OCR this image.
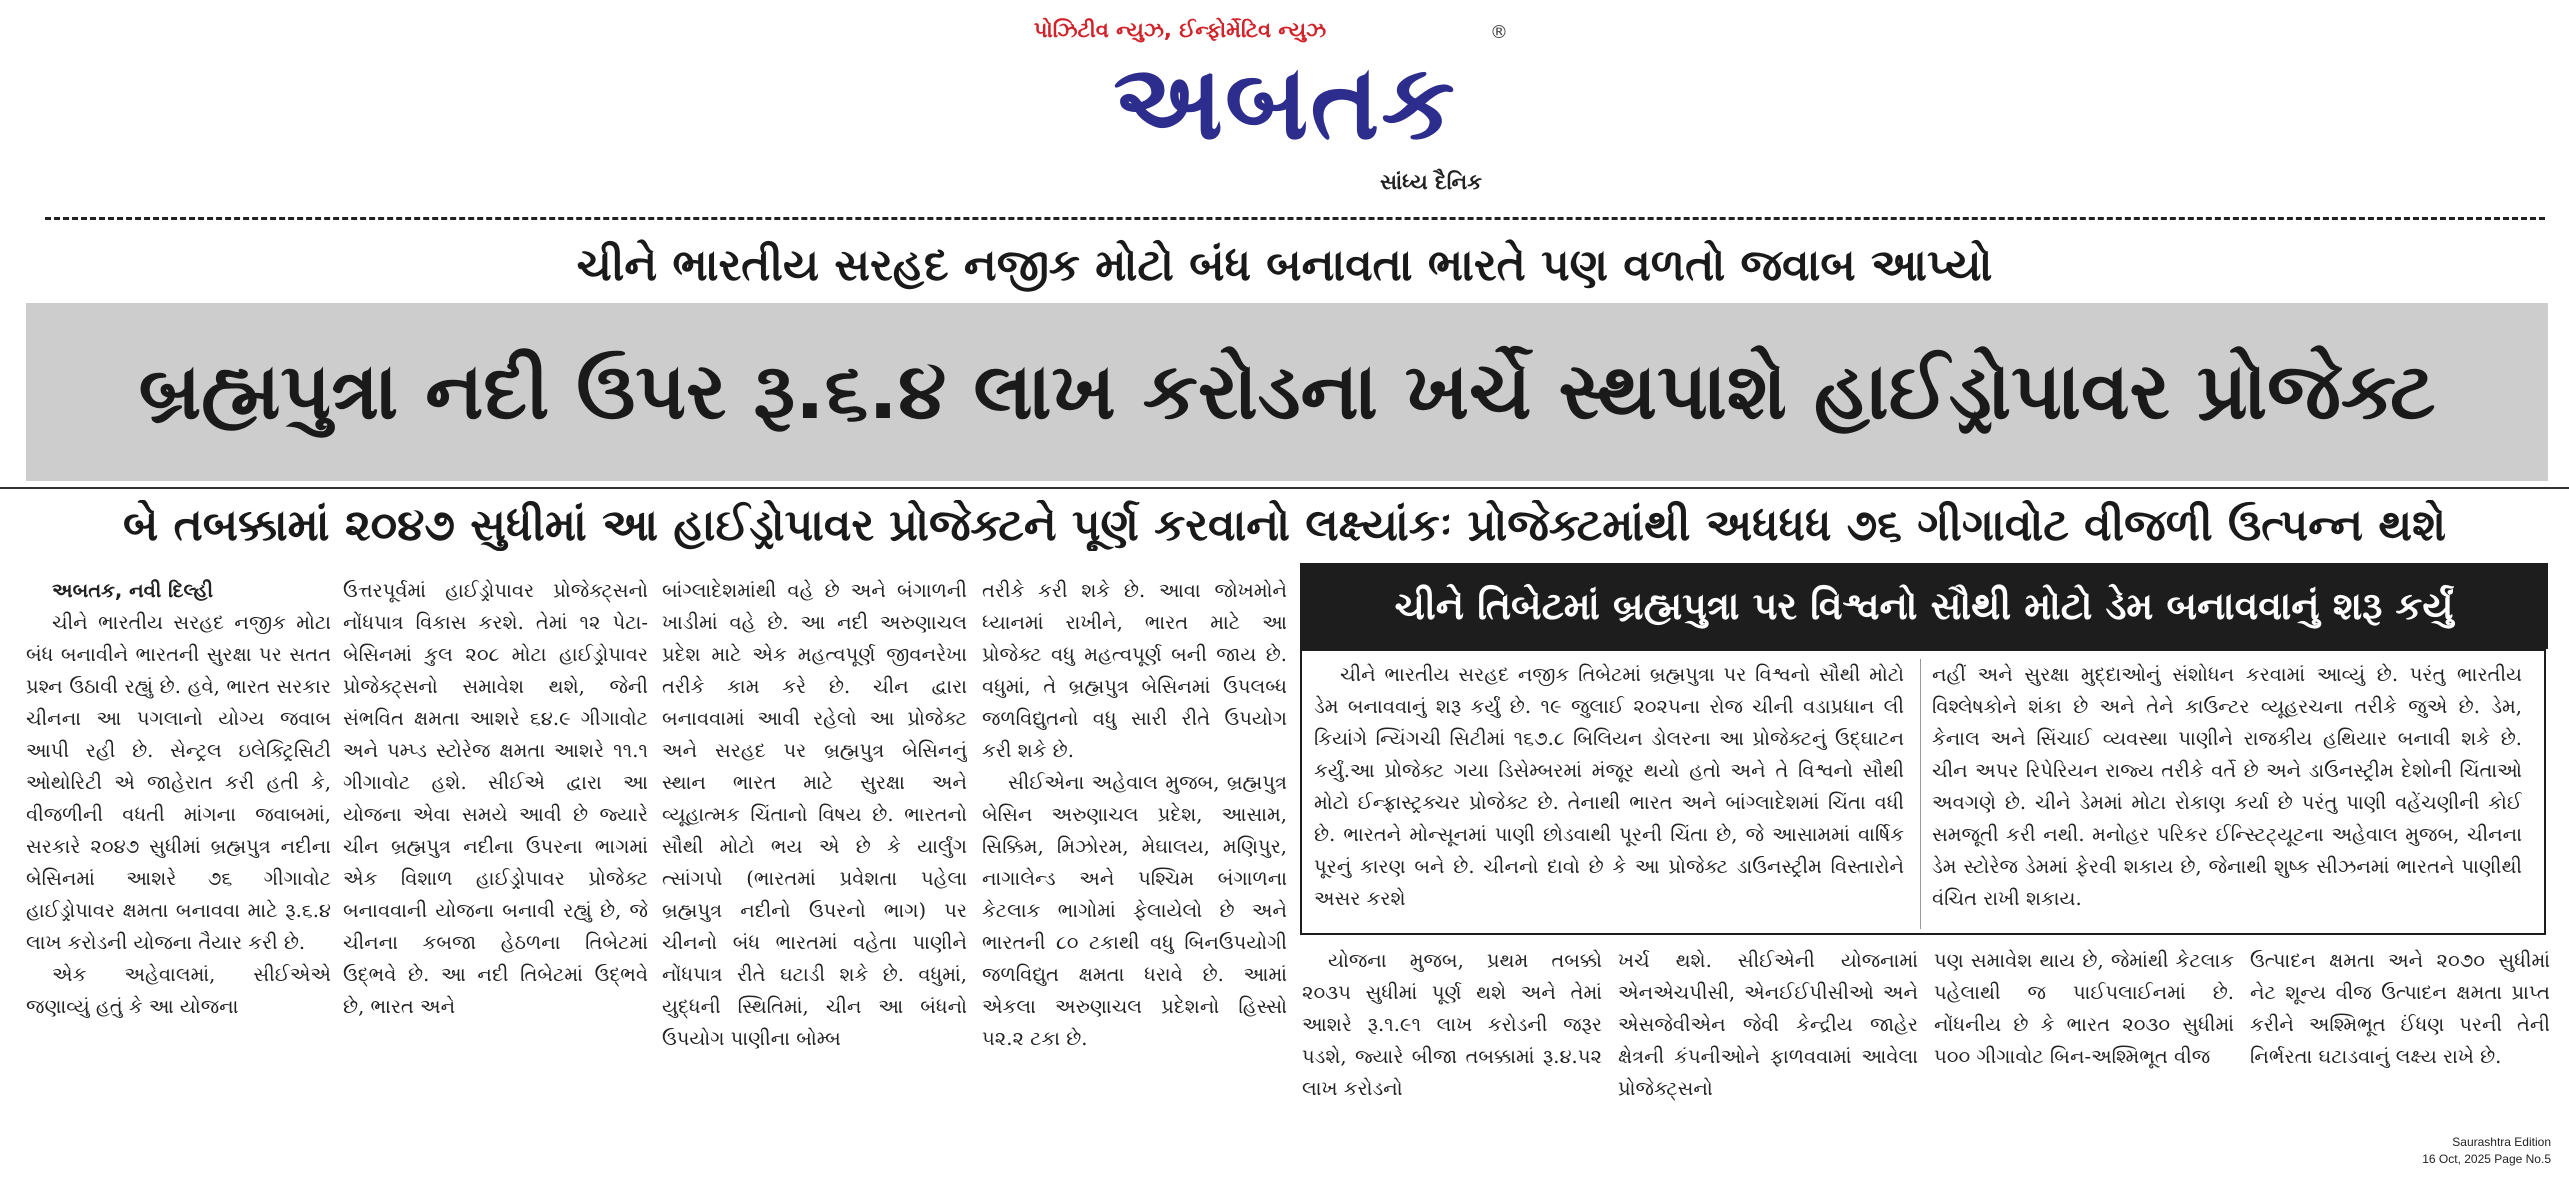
પોઝિટીવ ન્યુઝ, ઈન્ફોર્મેટિવ ન્યુઝ
અબતક
®
સાંધ્ય દૈનિક
ચીને ભારતીય સરહદ નજીક મોટો બંધ બનાવતા ભારતે પણ વળતો જવાબ આપ્યો
બ્રહ્મપુત્રા નદી ઉપર રૂ.૬.૪ લાખ કરોડના ખર્ચે સ્થપાશે હાઈડ્રોપાવર પ્રોજેક્ટ
બે તબક્કામાં ૨૦૪૭ સુધીમાં આ હાઈડ્રોપાવર પ્રોજેક્ટને પૂર્ણ કરવાનો લક્ષ્યાંકઃ પ્રોજેક્ટમાંથી અધધધ ૭૬ ગીગાવોટ વીજળી ઉત્પન્ન થશે

અબતક, નવી દિલ્હી

ચીને ભારતીય સરહદ નજીક મોટા બંધ બનાવીને ભારતની સુરક્ષા પર સતત પ્રશ્ન ઉઠાવી રહ્યું છે. હવે, ભારત સરકાર ચીનના આ પગલાનો યોગ્ય જવાબ આપી રહી છે. સેન્ટ્રલ ઇલેક્ટ્રિસિટી ઓથોરિટી એ જાહેરાત કરી હતી કે, વીજળીની વધતી માંગના જવાબમાં, સરકારે ૨૦૪૭ સુધીમાં બ્રહ્મપુત્ર નદીના બેસિનમાં આશરે ૭૬ ગીગાવોટ હાઈડ્રોપાવર ક્ષમતા બનાવવા માટે રૂ.૬.૪ લાખ કરોડની યોજના તૈયાર કરી છે.

એક અહેવાલમાં, સીઈએએ જણાવ્યું હતું કે આ યોજના

ઉત્તરપૂર્વમાં હાઈડ્રોપાવર પ્રોજેક્ટ્સનો નોંધપાત્ર વિકાસ કરશે. તેમાં ૧૨ પેટા-બેસિનમાં કુલ ૨૦૮ મોટા હાઈડ્રોપાવર પ્રોજેક્ટ્સનો સમાવેશ થશે, જેની સંભવિત ક્ષમતા આશરે ૬૪.૯ ગીગાવોટ અને પમ્પ્ડ સ્ટોરેજ ક્ષમતા આશરે ૧૧.૧ ગીગાવોટ હશે. સીઈએ દ્વારા આ યોજના એવા સમયે આવી છે જ્યારે ચીન બ્રહ્મપુત્ર નદીના ઉપરના ભાગમાં એક વિશાળ હાઈડ્રોપાવર પ્રોજેક્ટ બનાવવાની યોજના બનાવી રહ્યું છે, જે ચીનના કબજા હેઠળના તિબેટમાં ઉદ્ભવે છે. આ નદી તિબેટમાં ઉદ્ભવે છે, ભારત અને

બાંગ્લાદેશમાંથી વહે છે અને બંગાળની ખાડીમાં વહે છે. આ નદી અરુણાચલ પ્રદેશ માટે એક મહત્વપૂર્ણ જીવનરેખા તરીકે કામ કરે છે. ચીન દ્વારા બનાવવામાં આવી રહેલો આ પ્રોજેક્ટ અને સરહદ પર બ્રહ્મપુત્ર બેસિનનું સ્થાન ભારત માટે સુરક્ષા અને વ્યૂહાત્મક ચિંતાનો વિષય છે. ભારતનો સૌથી મોટો ભય એ છે કે યાર્લુંગ ત્સાંગપો (ભારતમાં પ્રવેશતા પહેલા બ્રહ્મપુત્ર નદીનો ઉપરનો ભાગ) પર ચીનનો બંધ ભારતમાં વહેતા પાણીને નોંધપાત્ર રીતે ઘટાડી શકે છે. વધુમાં, યુદ્ધની સ્થિતિમાં, ચીન આ બંધનો ઉપયોગ પાણીના બોમ્બ

તરીકે કરી શકે છે. આવા જોખમોને ધ્યાનમાં રાખીને, ભારત માટે આ પ્રોજેક્ટ વધુ મહત્વપૂર્ણ બની જાય છે. વધુમાં, તે બ્રહ્મપુત્ર બેસિનમાં ઉપલબ્ધ જળવિદ્યુતનો વધુ સારી રીતે ઉપયોગ કરી શકે છે.

સીઈએના અહેવાલ મુજબ, બ્રહ્મપુત્ર બેસિન અરુણાચલ પ્રદેશ, આસામ, સિક્કિમ, મિઝોરમ, મેઘાલય, મણિપુર, નાગાલેન્ડ અને પશ્ચિમ બંગાળના કેટલાક ભાગોમાં ફેલાયેલો છે અને ભારતની ૮૦ ટકાથી વધુ બિનઉપયોગી જળવિદ્યુત ક્ષમતા ધરાવે છે. આમાં એકલા અરુણાચલ પ્રદેશનો હિસ્સો ૫૨.૨ ટકા છે.

ચીને તિબેટમાં બ્રહ્મપુત્રા પર વિશ્વનો સૌથી મોટો ડેમ બનાવવાનું શરૂ કર્યું

ચીને ભારતીય સરહદ નજીક તિબેટમાં બ્રહ્મપુત્રા પર વિશ્વનો સૌથી મોટો ડેમ બનાવવાનું શરૂ કર્યું છે. ૧૯ જુલાઈ ૨૦૨૫ના રોજ ચીની વડાપ્રધાન લી કિયાંગે ન્યિંગચી સિટીમાં ૧૬૭.૮ બિલિયન ડોલરના આ પ્રોજેક્ટનું ઉદ્ઘાટન કર્યું.આ પ્રોજેક્ટ ગયા ડિસેમ્બરમાં મંજૂર થયો હતો અને તે વિશ્વનો સૌથી મોટો ઈન્ફ્રાસ્ટ્રક્ચર પ્રોજેક્ટ છે. તેનાથી ભારત અને બાંગ્લાદેશમાં ચિંતા વધી છે. ભારતને મોન્સૂનમાં પાણી છોડવાથી પૂરની ચિંતા છે, જે આસામમાં વાર્ષિક પૂરનું કારણ બને છે. ચીનનો દાવો છે કે આ પ્રોજેક્ટ ડાઉનસ્ટ્રીમ વિસ્તારોને અસર કરશે

નહીં અને સુરક્ષા મુદ્દાઓનું સંશોધન કરવામાં આવ્યું છે. પરંતુ ભારતીય વિશ્લેષકોને શંકા છે અને તેને કાઉન્ટર વ્યૂહરચના તરીકે જુએ છે. ડેમ, કેનાલ અને સિંચાઈ વ્યવસ્થા પાણીને રાજકીય હથિયાર બનાવી શકે છે. ચીન અપર રિપેરિયન રાજ્ય તરીકે વર્તે છે અને ડાઉનસ્ટ્રીમ દેશોની ચિંતાઓ અવગણે છે. ચીને ડેમમાં મોટા રોકાણ કર્યા છે પરંતુ પાણી વહેંચણીની કોઈ સમજૂતી કરી નથી. મનોહર પરિકર ઈન્સ્ટિટ્યૂટના અહેવાલ મુજબ, ચીનના ડેમ સ્ટોરેજ ડેમમાં ફેરવી શકાય છે, જેનાથી શુષ્ક સીઝનમાં ભારતને પાણીથી વંચિત રાખી શકાય.

યોજના મુજબ, પ્રથમ તબક્કો ૨૦૩૫ સુધીમાં પૂર્ણ થશે અને તેમાં આશરે રૂ.૧.૯૧ લાખ કરોડની જરૂર પડશે, જ્યારે બીજા તબક્કામાં રૂ.૪.૫૨ લાખ કરોડનો

ખર્ચ થશે. સીઈએની યોજનામાં એનએચપીસી, એનઈઈપીસીઓ અને એસજેવીએન જેવી કેન્દ્રીય જાહેર ક્ષેત્રની કંપનીઓને ફાળવવામાં આવેલા પ્રોજેક્ટ્સનો

પણ સમાવેશ થાય છે, જેમાંથી કેટલાક પહેલાથી જ પાઈપલાઈનમાં છે. નોંધનીય છે કે ભારત ૨૦૩૦ સુધીમાં ૫૦૦ ગીગાવોટ બિન-અશ્મિભૂત વીજ

ઉત્પાદન ક્ષમતા અને ૨૦૭૦ સુધીમાં નેટ શૂન્ય વીજ ઉત્પાદન ક્ષમતા પ્રાપ્ત કરીને અશ્મિભૂત ઈંધણ પરની તેની નિર્ભરતા ઘટાડવાનું લક્ષ્ય રાખે છે.

Saurashtra Edition
16 Oct, 2025 Page No.5
